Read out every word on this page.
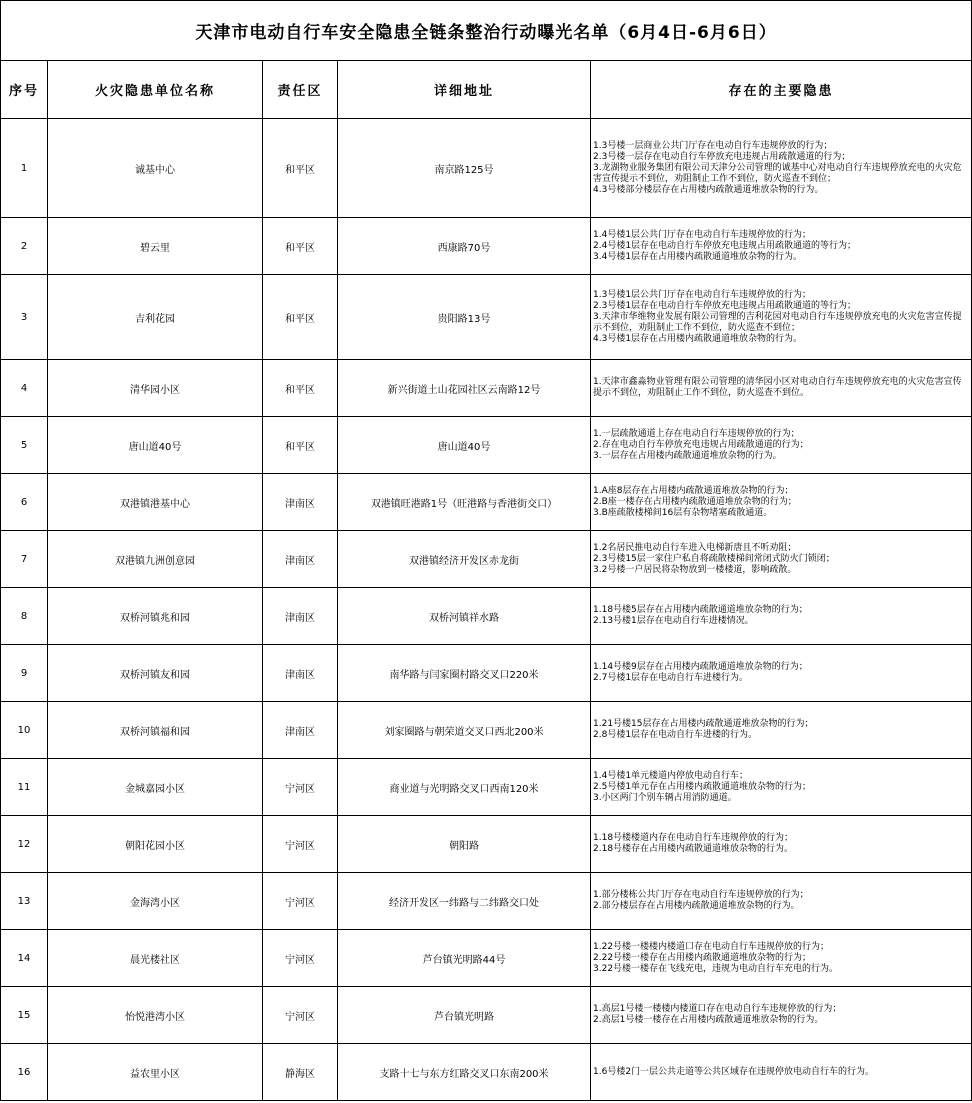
天津市电动自行车安全隐患全链条整治行动曝光名单（6月4日-6月6日）				
序号	火灾隐患单位名称	责任区	详细地址	存在的主要隐患
1	诚基中心	和平区	南京路125号	1.3号楼一层商业公共门厅存在电动自行车违规停放的行为；
2.3号楼一层存在电动自行车停放充电违规占用疏散通道的行为；
3.龙湖物业服务集团有限公司天津分公司管理的诚基中心对电动自行车违规停放充电的火灾危害宣传提示不到位，劝阻制止工作不到位，防火巡查不到位；
4.3号楼部分楼层存在占用楼内疏散通道堆放杂物的行为。

2	碧云里	和平区	西康路70号	1.4号楼1层公共门厅存在电动自行车违规停放的行为；
2.4号楼1层存在电动自行车停放充电违规占用疏散通道的等行为；
3.4号楼1层存在占用楼内疏散通道堆放杂物的行为。

3	吉利花园	和平区	贵阳路13号	1.3号楼1层公共门厅存在电动自行车违规停放的行为；
2.3号楼1层存在电动自行车停放充电违规占用疏散通道的等行为；
3.天津市华维物业发展有限公司管理的吉利花园对电动自行车违规停放充电的火灾危害宣传提示不到位，劝阻制止工作不到位，防火巡查不到位；
4.3号楼1层存在占用楼内疏散通道堆放杂物的行为。

4	清华园小区	和平区	新兴街道土山花园社区云南路12号	1.天津市鑫淼物业管理有限公司管理的清华园小区对电动自行车违规停放充电的火灾危害宣传提示不到位，劝阻制止工作不到位，防火巡查不到位。

5	唐山道40号	和平区	唐山道40号	1.一层疏散通道上存在电动自行车违规停放的行为；
2.存在电动自行车停放充电违规占用疏散通道的行为；
3.一层存在占用楼内疏散通道堆放杂物的行为。

6	双港镇港基中心	津南区	双港镇旺港路1号（旺港路与香港街交口）	1.A座8层存在占用楼内疏散通道堆放杂物的行为；
2.B座一楼存在占用楼内疏散通道堆放杂物的行为；
3.B座疏散楼梯间16层有杂物堵塞疏散通道。

7	双港镇九洲创意园	津南区	双港镇经济开发区赤龙街	1.2名居民推电动自行车进入电梯新唐且不听劝阻；
2.3号楼15层一家住户私自将疏散楼梯间常闭式防火门锁闭；
3.2号楼一户居民将杂物放到一楼楼道，影响疏散。

8	双桥河镇兆和园	津南区	双桥河镇祥水路	1.18号楼5层存在占用楼内疏散通道堆放杂物的行为；
2.13号楼1层存在电动自行车进楼情况。

9	双桥河镇友和园	津南区	南华路与闫家圈村路交叉口220米	1.14号楼9层存在占用楼内疏散通道堆放杂物的行为；
2.7号楼1层存在电动自行车进楼行为。

10	双桥河镇福和园	津南区	刘家圈路与朝荣道交叉口西北200米	1.21号楼15层存在占用楼内疏散通道堆放杂物的行为；
2.8号楼1层存在电动自行车进楼的行为。

11	金城嘉园小区	宁河区	商业道与光明路交叉口西南120米	1.4号楼1单元楼道内停放电动自行车；
2.5号楼1单元存在占用楼内疏散通道堆放杂物的行为；
3.小区两门个别车辆占用消防通道。

12	朝阳花园小区	宁河区	朝阳路	1.18号楼楼道内存在电动自行车违规停放的行为；
2.18号楼存在占用楼内疏散通道堆放杂物的行为。

13	金海湾小区	宁河区	经济开发区一纬路与二纬路交口处	1.部分楼栋公共门厅存在电动自行车违规停放的行为；
2.部分楼层存在占用楼内疏散通道堆放杂物的行为。

14	晨光楼社区	宁河区	芦台镇光明路44号	1.22号楼一楼楼内楼道口存在电动自行车违规停放的行为；
2.22号楼一楼存在占用楼内疏散通道堆放杂物的行为；
3.22号楼一楼存在飞线充电，违规为电动自行车充电的行为。

15	怡悦港湾小区	宁河区	芦台镇光明路	1.高层1号楼一楼楼内楼道口存在电动自行车违规停放的行为；
2.高层1号楼一楼存在占用楼内疏散通道堆放杂物的行为。

16	益农里小区	静海区	支路十七与东方红路交叉口东南200米	1.6号楼2门一层公共走道等公共区域存在违规停放电动自行车的行为。
